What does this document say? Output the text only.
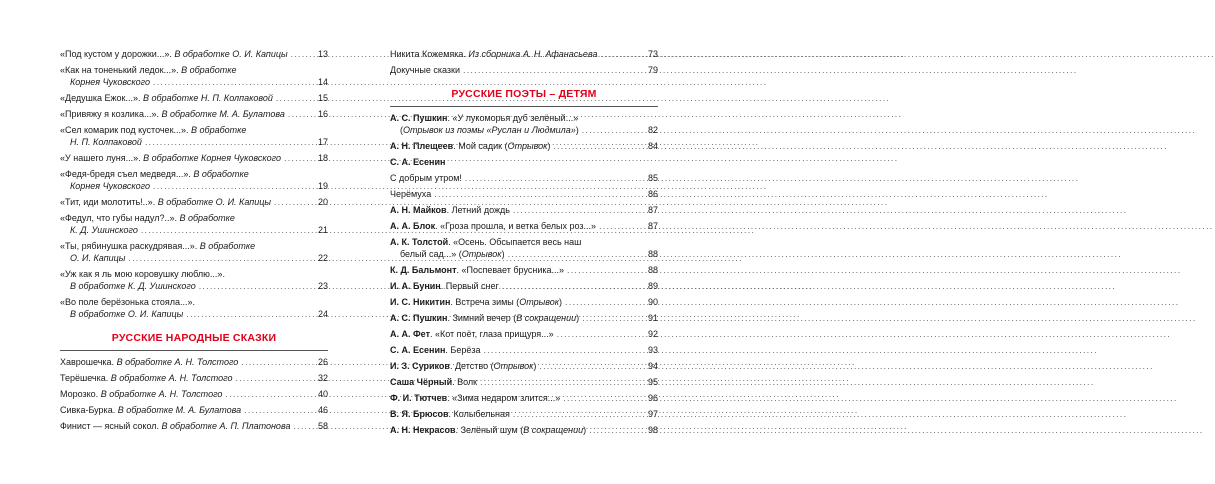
«Под кустом у дорожки...». В обработке О. И. Капицы .....	13
«Как на тоненький ледок...». В обработке
Корнея Чуковского .....	14
«Дедушка Ежок...». В обработке Н. П. Колпаковой .....	15
«Привяжу я козлика...». В обработке М. А. Булатова .....	16
«Сел комарик под кусточек...». В обработке
Н. П. Колпаковой .....	17
«У нашего луня...». В обработке Корнея Чуковского .....	18
«Федя-бредя съел медведя...». В обработке
Корнея Чуковского .....	19
«Тит, иди молотить!..». В обработке О. И. Капицы .....	20
«Федул, что губы надул?..». В обработке
К. Д. Ушинского .....	21
«Ты, рябинушка раскудрявая...». В обработке
О. И. Капицы .....	22
«Уж как я ль мою коровушку люблю...».
В обработке К. Д. Ушинского .....	23
«Во поле берёзонька стояла...».
В обработке О. И. Капицы .....	24
РУССКИЕ НАРОДНЫЕ СКАЗКИ
Хаврошечка. В обработке А. Н. Толстого .....	26
Терёшечка. В обработке А. Н. Толстого .....	32
Морозко. В обработке А. Н. Толстого .....	40
Сивка-Бурка. В обработке М. А. Булатова .....	46
Финист — ясный сокол. В обработке А. П. Платонова .....	58
Никита Кожемяка. Из сборника А. Н. Афанасьева .....	73
Докучные сказки .....	79
РУССКИЕ ПОЭТЫ – ДЕТЯМ
А. С. Пушкин. «У лукоморья дуб зелёный...»
(Отрывок из поэмы «Руслан и Людмила») .....	82
А. Н. Плещеев. Мой садик (Отрывок) .....	84
С. А. Есенин
С добрым утром! .....	85
Черёмуха .....	86
А. Н. Майков. Летний дождь .....	87
А. А. Блок. «Гроза прошла, и ветка белых роз...» .....	87
А. К. Толстой. «Осень. Обсыпается весь наш
белый сад...» (Отрывок) .....	88
К. Д. Бальмонт. «Поспевает брусника...» .....	88
И. А. Бунин. Первый снег .....	89
И. С. Никитин. Встреча зимы (Отрывок) .....	90
А. С. Пушкин. Зимний вечер (В сокращении) .....	91
А. А. Фет. «Кот поёт, глаза прищуря...» .....	92
С. А. Есенин. Берёза .....	93
И. З. Суриков. Детство (Отрывок) .....	94
Саша Чёрный. Волк .....	95
Ф. И. Тютчев. «Зима недаром злится...» .....	96
В. Я. Брюсов. Колыбельная .....	97
А. Н. Некрасов. Зелёный шум (В сокращении) .....	98
